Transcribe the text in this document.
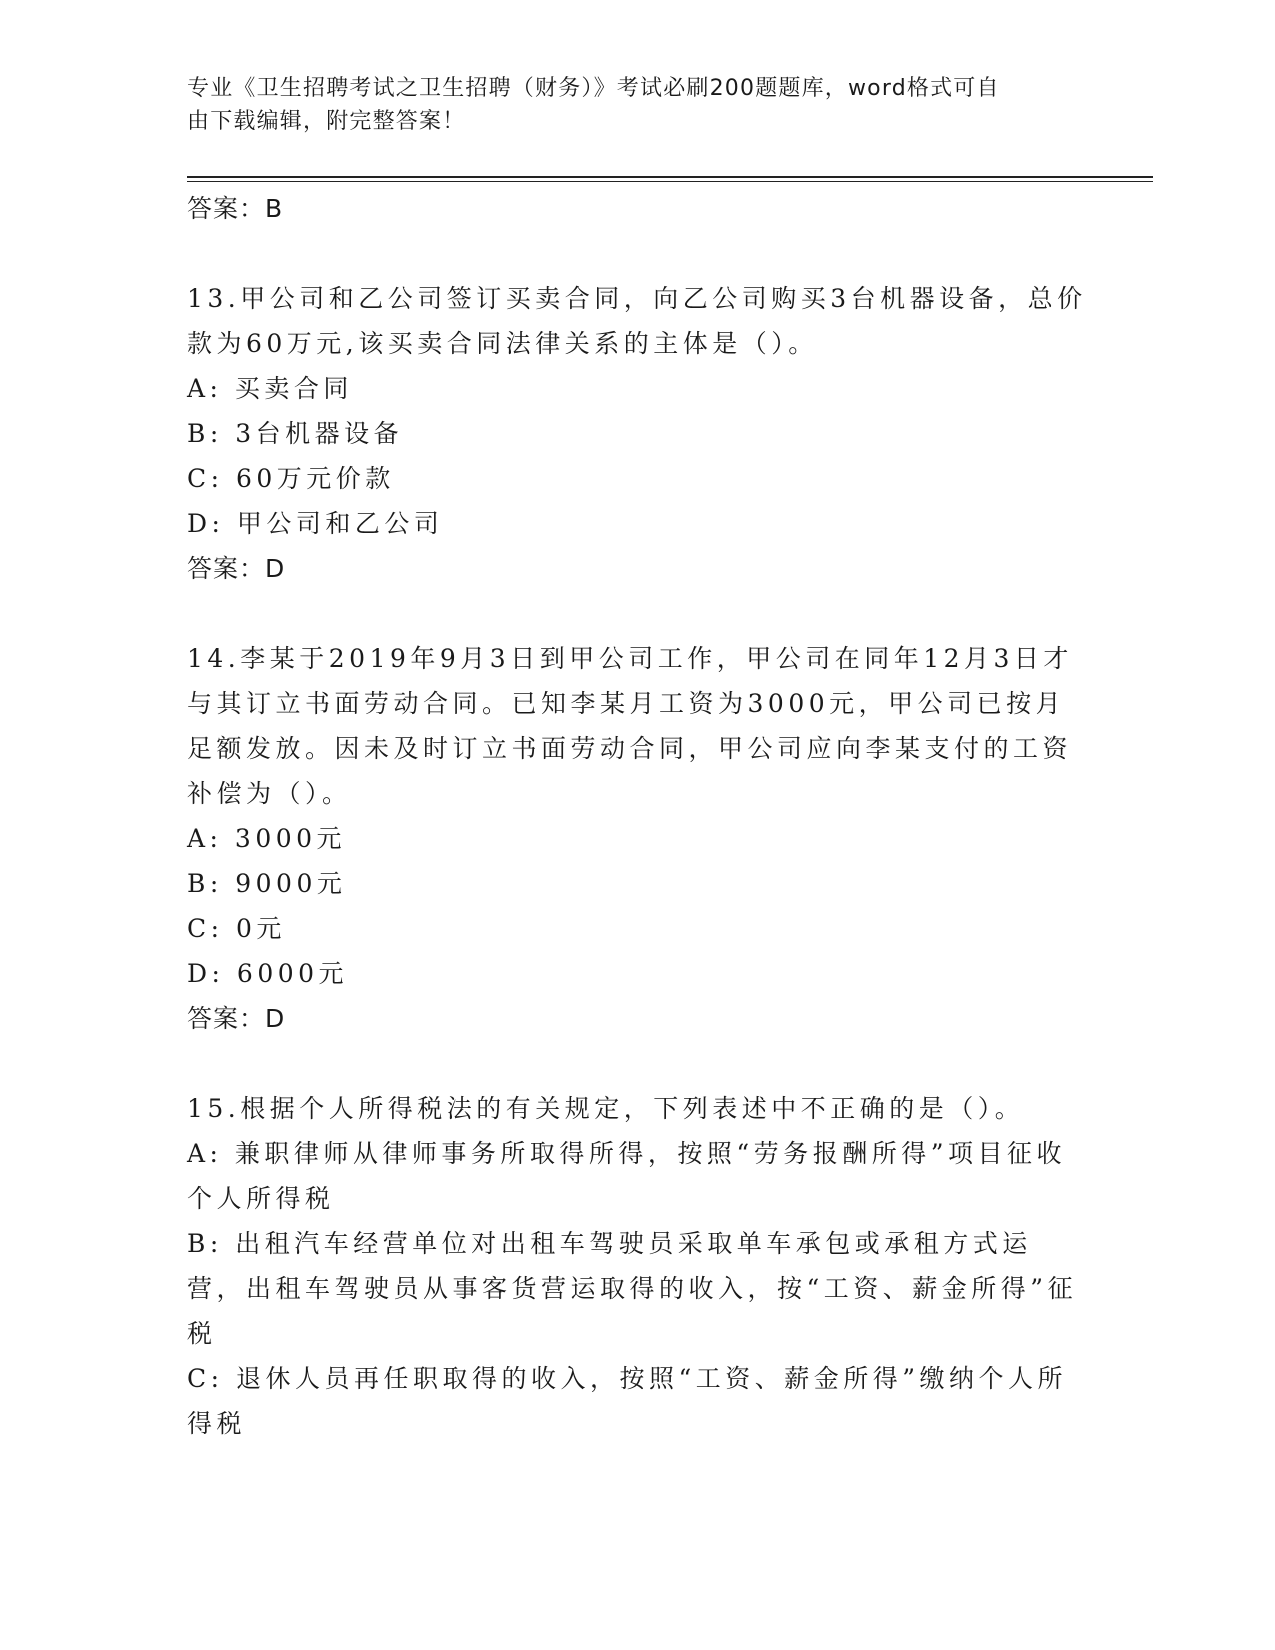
专业《卫生招聘考试之卫生招聘（财务）》考试必刷200题题库，word格式可自
由下载编辑，附完整答案！
答案：B
13.甲公司和乙公司签订买卖合同，向乙公司购买3台机器设备，总价款为60万元,该买卖合同法律关系的主体是（）。
A: 买卖合同
B: 3台机器设备
C: 60万元价款
D: 甲公司和乙公司
答案：D
14.李某于2019年9月3日到甲公司工作，甲公司在同年12月3日才与其订立书面劳动合同。已知李某月工资为3000元，甲公司已按月足额发放。因未及时订立书面劳动合同，甲公司应向李某支付的工资补偿为（）。
A: 3000元
B: 9000元
C: 0元
D: 6000元
答案：D
15.根据个人所得税法的有关规定，下列表述中不正确的是（）。
A: 兼职律师从律师事务所取得所得，按照“劳务报酬所得”项目征收个人所得税
B: 出租汽车经营单位对出租车驾驶员采取单车承包或承租方式运营，出租车驾驶员从事客货营运取得的收入，按“工资、薪金所得”征税
C: 退休人员再任职取得的收入，按照“工资、薪金所得”缴纳个人所得税
